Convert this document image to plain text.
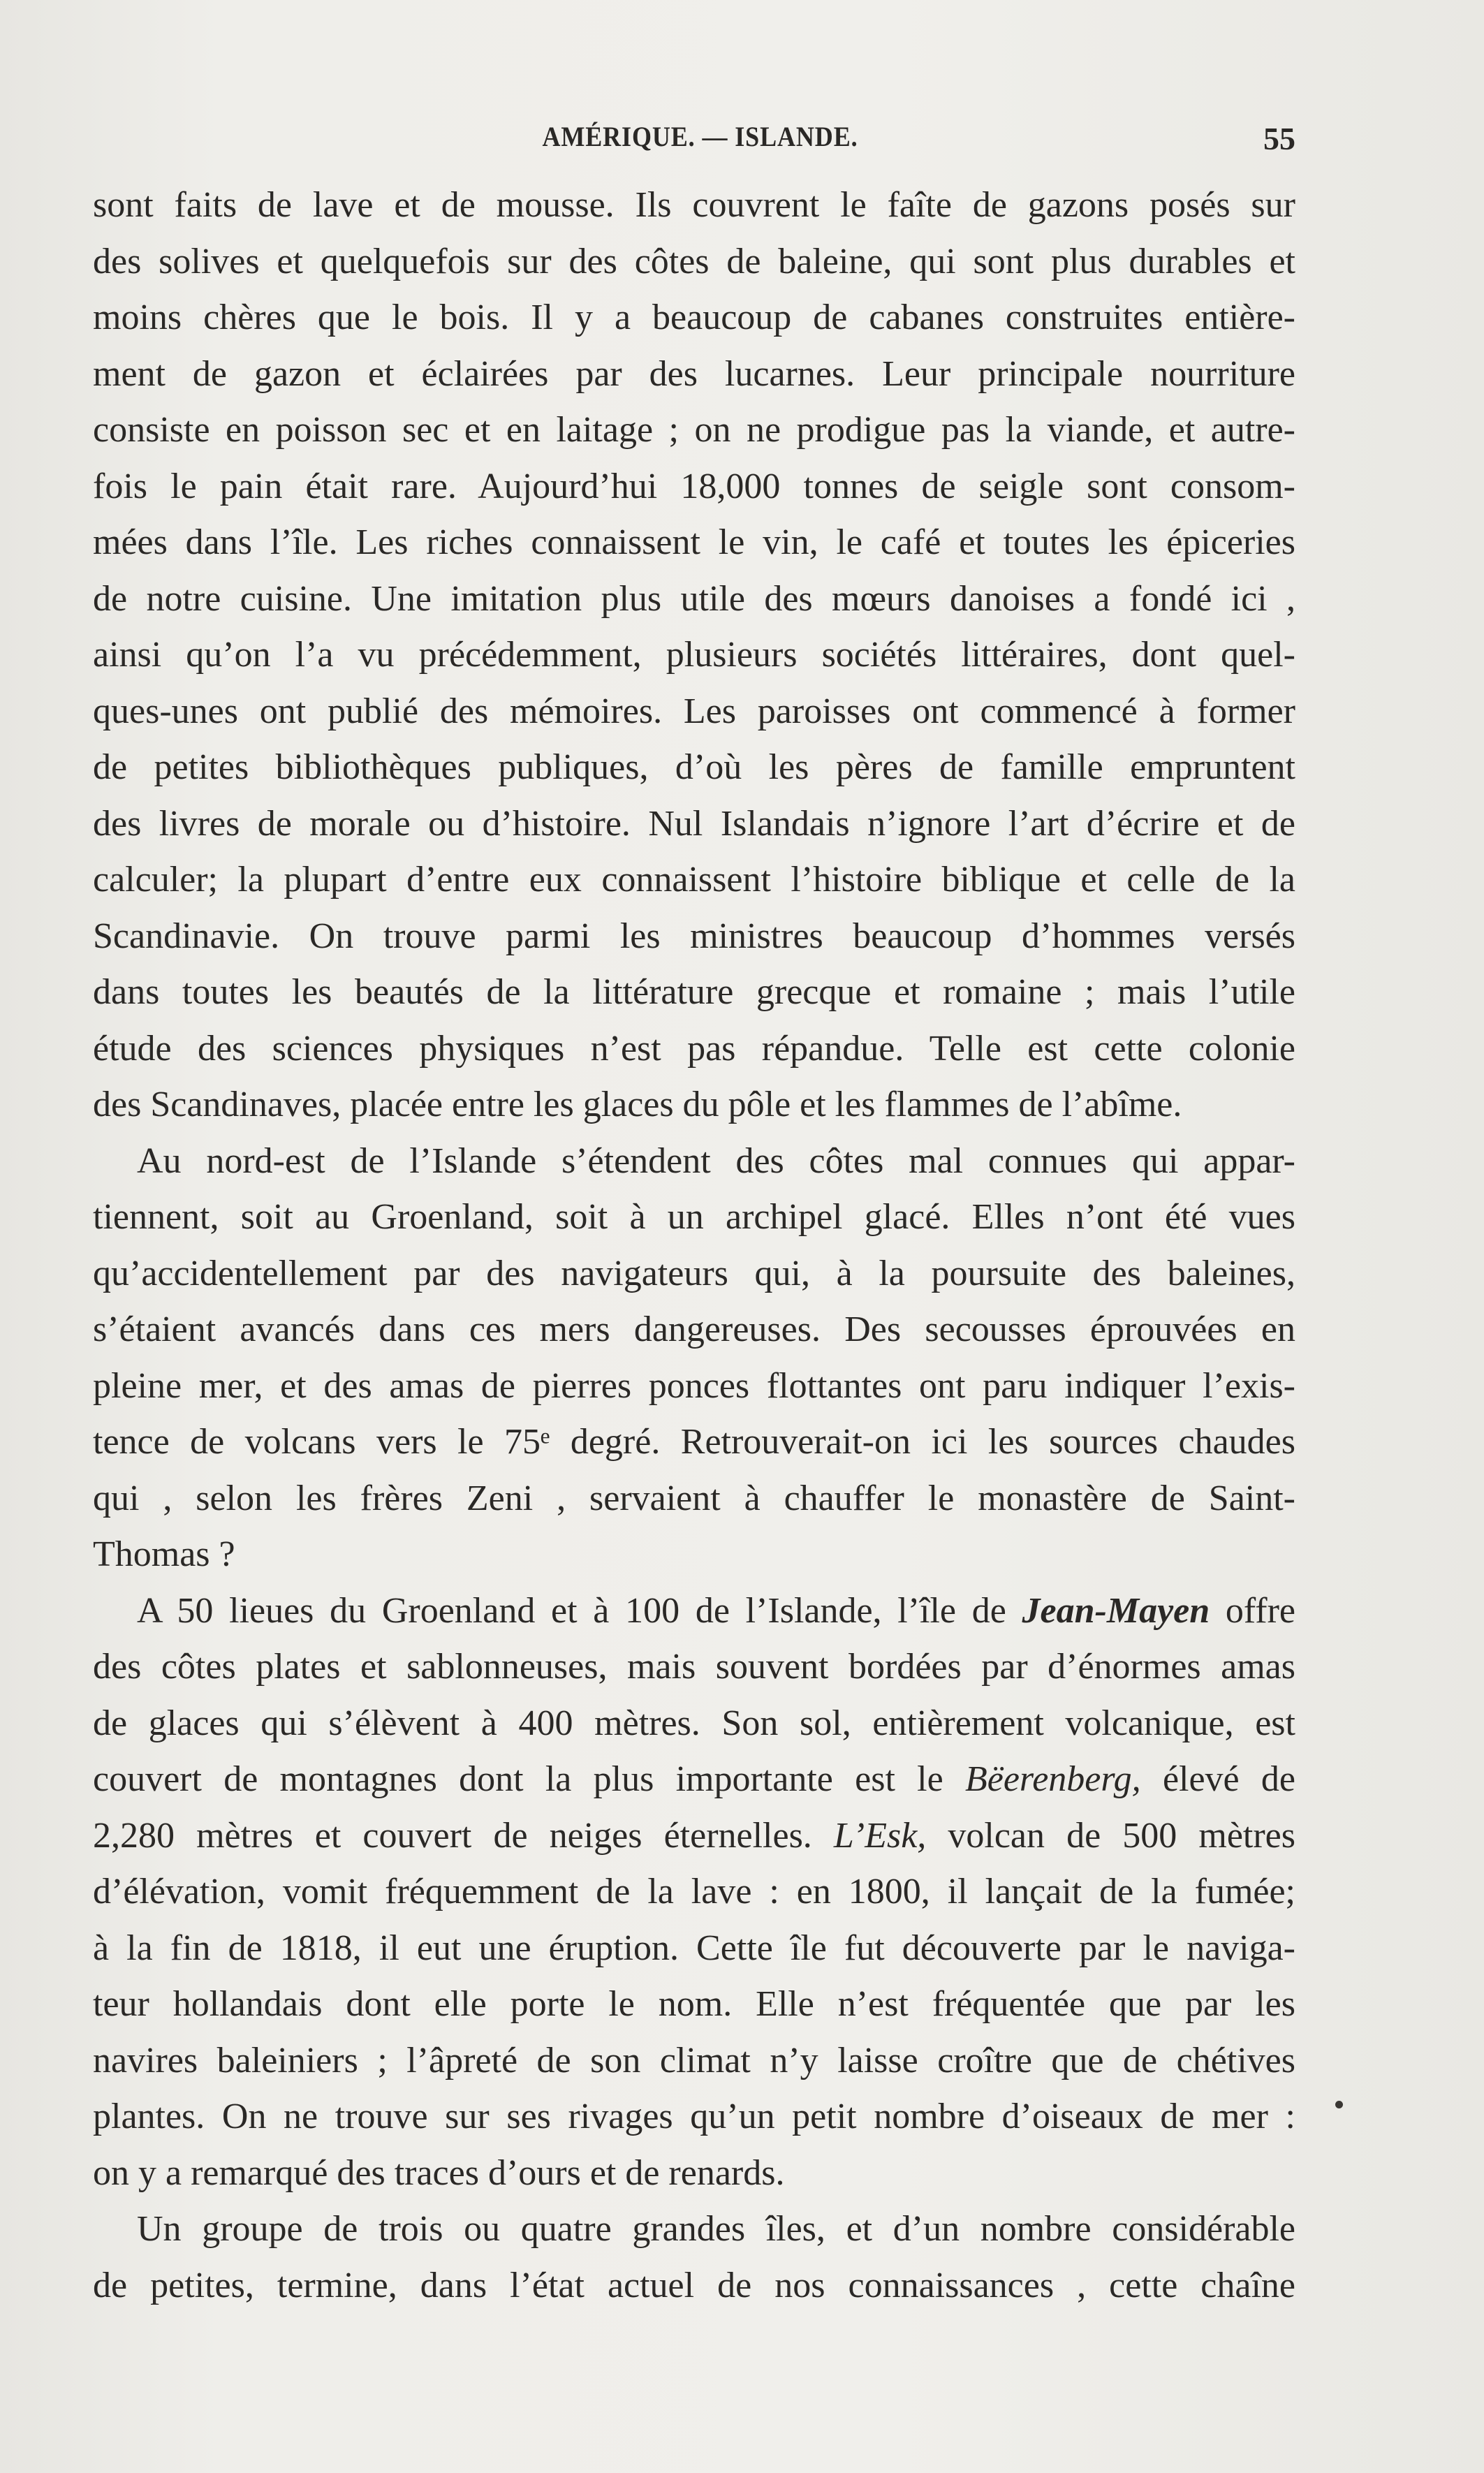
AMÉRIQUE. — ISLANDE.	55
sont faits de lave et de mousse. Ils couvrent le faîte de gazons posés sur
des solives et quelquefois sur des côtes de baleine, qui sont plus durables et
moins chères que le bois. Il y a beaucoup de cabanes construites entière-
ment de gazon et éclairées par des lucarnes. Leur principale nourriture
consiste en poisson sec et en laitage ; on ne prodigue pas la viande, et autre-
fois le pain était rare. Aujourd’hui 18,000 tonnes de seigle sont consom-
mées dans l’île. Les riches connaissent le vin, le café et toutes les épiceries
de notre cuisine. Une imitation plus utile des mœurs danoises a fondé ici ,
ainsi qu’on l’a vu précédemment, plusieurs sociétés littéraires, dont quel-
ques-unes ont publié des mémoires. Les paroisses ont commencé à former
de petites bibliothèques publiques, d’où les pères de famille empruntent
des livres de morale ou d’histoire. Nul Islandais n’ignore l’art d’écrire et de
calculer; la plupart d’entre eux connaissent l’histoire biblique et celle de la
Scandinavie. On trouve parmi les ministres beaucoup d’hommes versés
dans toutes les beautés de la littérature grecque et romaine ; mais l’utile
étude des sciences physiques n’est pas répandue. Telle est cette colonie
des Scandinaves, placée entre les glaces du pôle et les flammes de l’abîme.
Au nord-est de l’Islande s’étendent des côtes mal connues qui appar-
tiennent, soit au Groenland, soit à un archipel glacé. Elles n’ont été vues
qu’accidentellement par des navigateurs qui, à la poursuite des baleines,
s’étaient avancés dans ces mers dangereuses. Des secousses éprouvées en
pleine mer, et des amas de pierres ponces flottantes ont paru indiquer l’exis-
tence de volcans vers le 75ᵉ degré. Retrouverait-on ici les sources chaudes
qui , selon les frères Zeni , servaient à chauffer le monastère de Saint-
Thomas ?
A 50 lieues du Groenland et à 100 de l’Islande, l’île de Jean-Mayen offre
des côtes plates et sablonneuses, mais souvent bordées par d’énormes amas
de glaces qui s’élèvent à 400 mètres. Son sol, entièrement volcanique, est
couvert de montagnes dont la plus importante est le Bëerenberg, élevé de
2,280 mètres et couvert de neiges éternelles. L’Esk, volcan de 500 mètres
d’élévation, vomit fréquemment de la lave : en 1800, il lançait de la fumée;
à la fin de 1818, il eut une éruption. Cette île fut découverte par le naviga-
teur hollandais dont elle porte le nom. Elle n’est fréquentée que par les
navires baleiniers ; l’âpreté de son climat n’y laisse croître que de chétives
plantes. On ne trouve sur ses rivages qu’un petit nombre d’oiseaux de mer :
on y a remarqué des traces d’ours et de renards.
Un groupe de trois ou quatre grandes îles, et d’un nombre considérable
de petites, termine, dans l’état actuel de nos connaissances , cette chaîne
